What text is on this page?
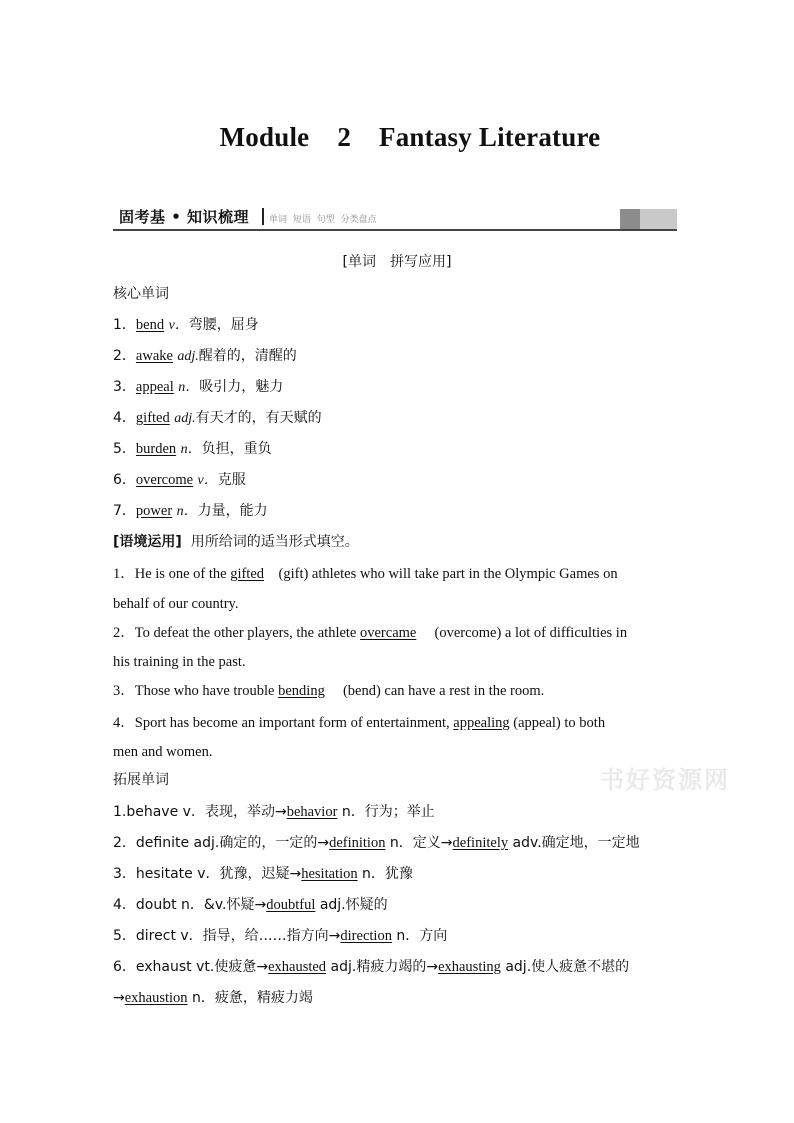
Module 2 Fantasy Literature
固考基 • 知识梳理 单词 短语 句型 分类盘点
[单词　拼写应用]
核心单词
1．bend v．弯腰，屈身
2．awake adj.醒着的，清醒的
3．appeal n．吸引力，魅力
4．gifted adj.有天才的，有天赋的
5．burden n．负担，重负
6．overcome v．克服
7．power n．力量，能力
[语境运用] 用所给词的适当形式填空。
1．He is one of the gifted (gift) athletes who will take part in the Olympic Games on
behalf of our country.
2．To defeat the other players, the athlete overcame (overcome) a lot of difficulties in
his training in the past.
3．Those who have trouble bending (bend) can have a rest in the room.
4．Sport has become an important form of entertainment, appealing (appeal) to both
men and women.
拓展单词
1.behave v．表现，举动→behavior n．行为；举止
2．definite adj.确定的，一定的→definition n．定义→definitely adv.确定地，一定地
3．hesitate v．犹豫，迟疑→hesitation n．犹豫
4．doubt n．&v.怀疑→doubtful adj.怀疑的
5．direct v．指导，给……指方向→direction n．方向
6．exhaust vt.使疲惫→exhausted adj.精疲力竭的→exhausting adj.使人疲惫不堪的
→exhaustion n．疲惫，精疲力竭
书好资源网
